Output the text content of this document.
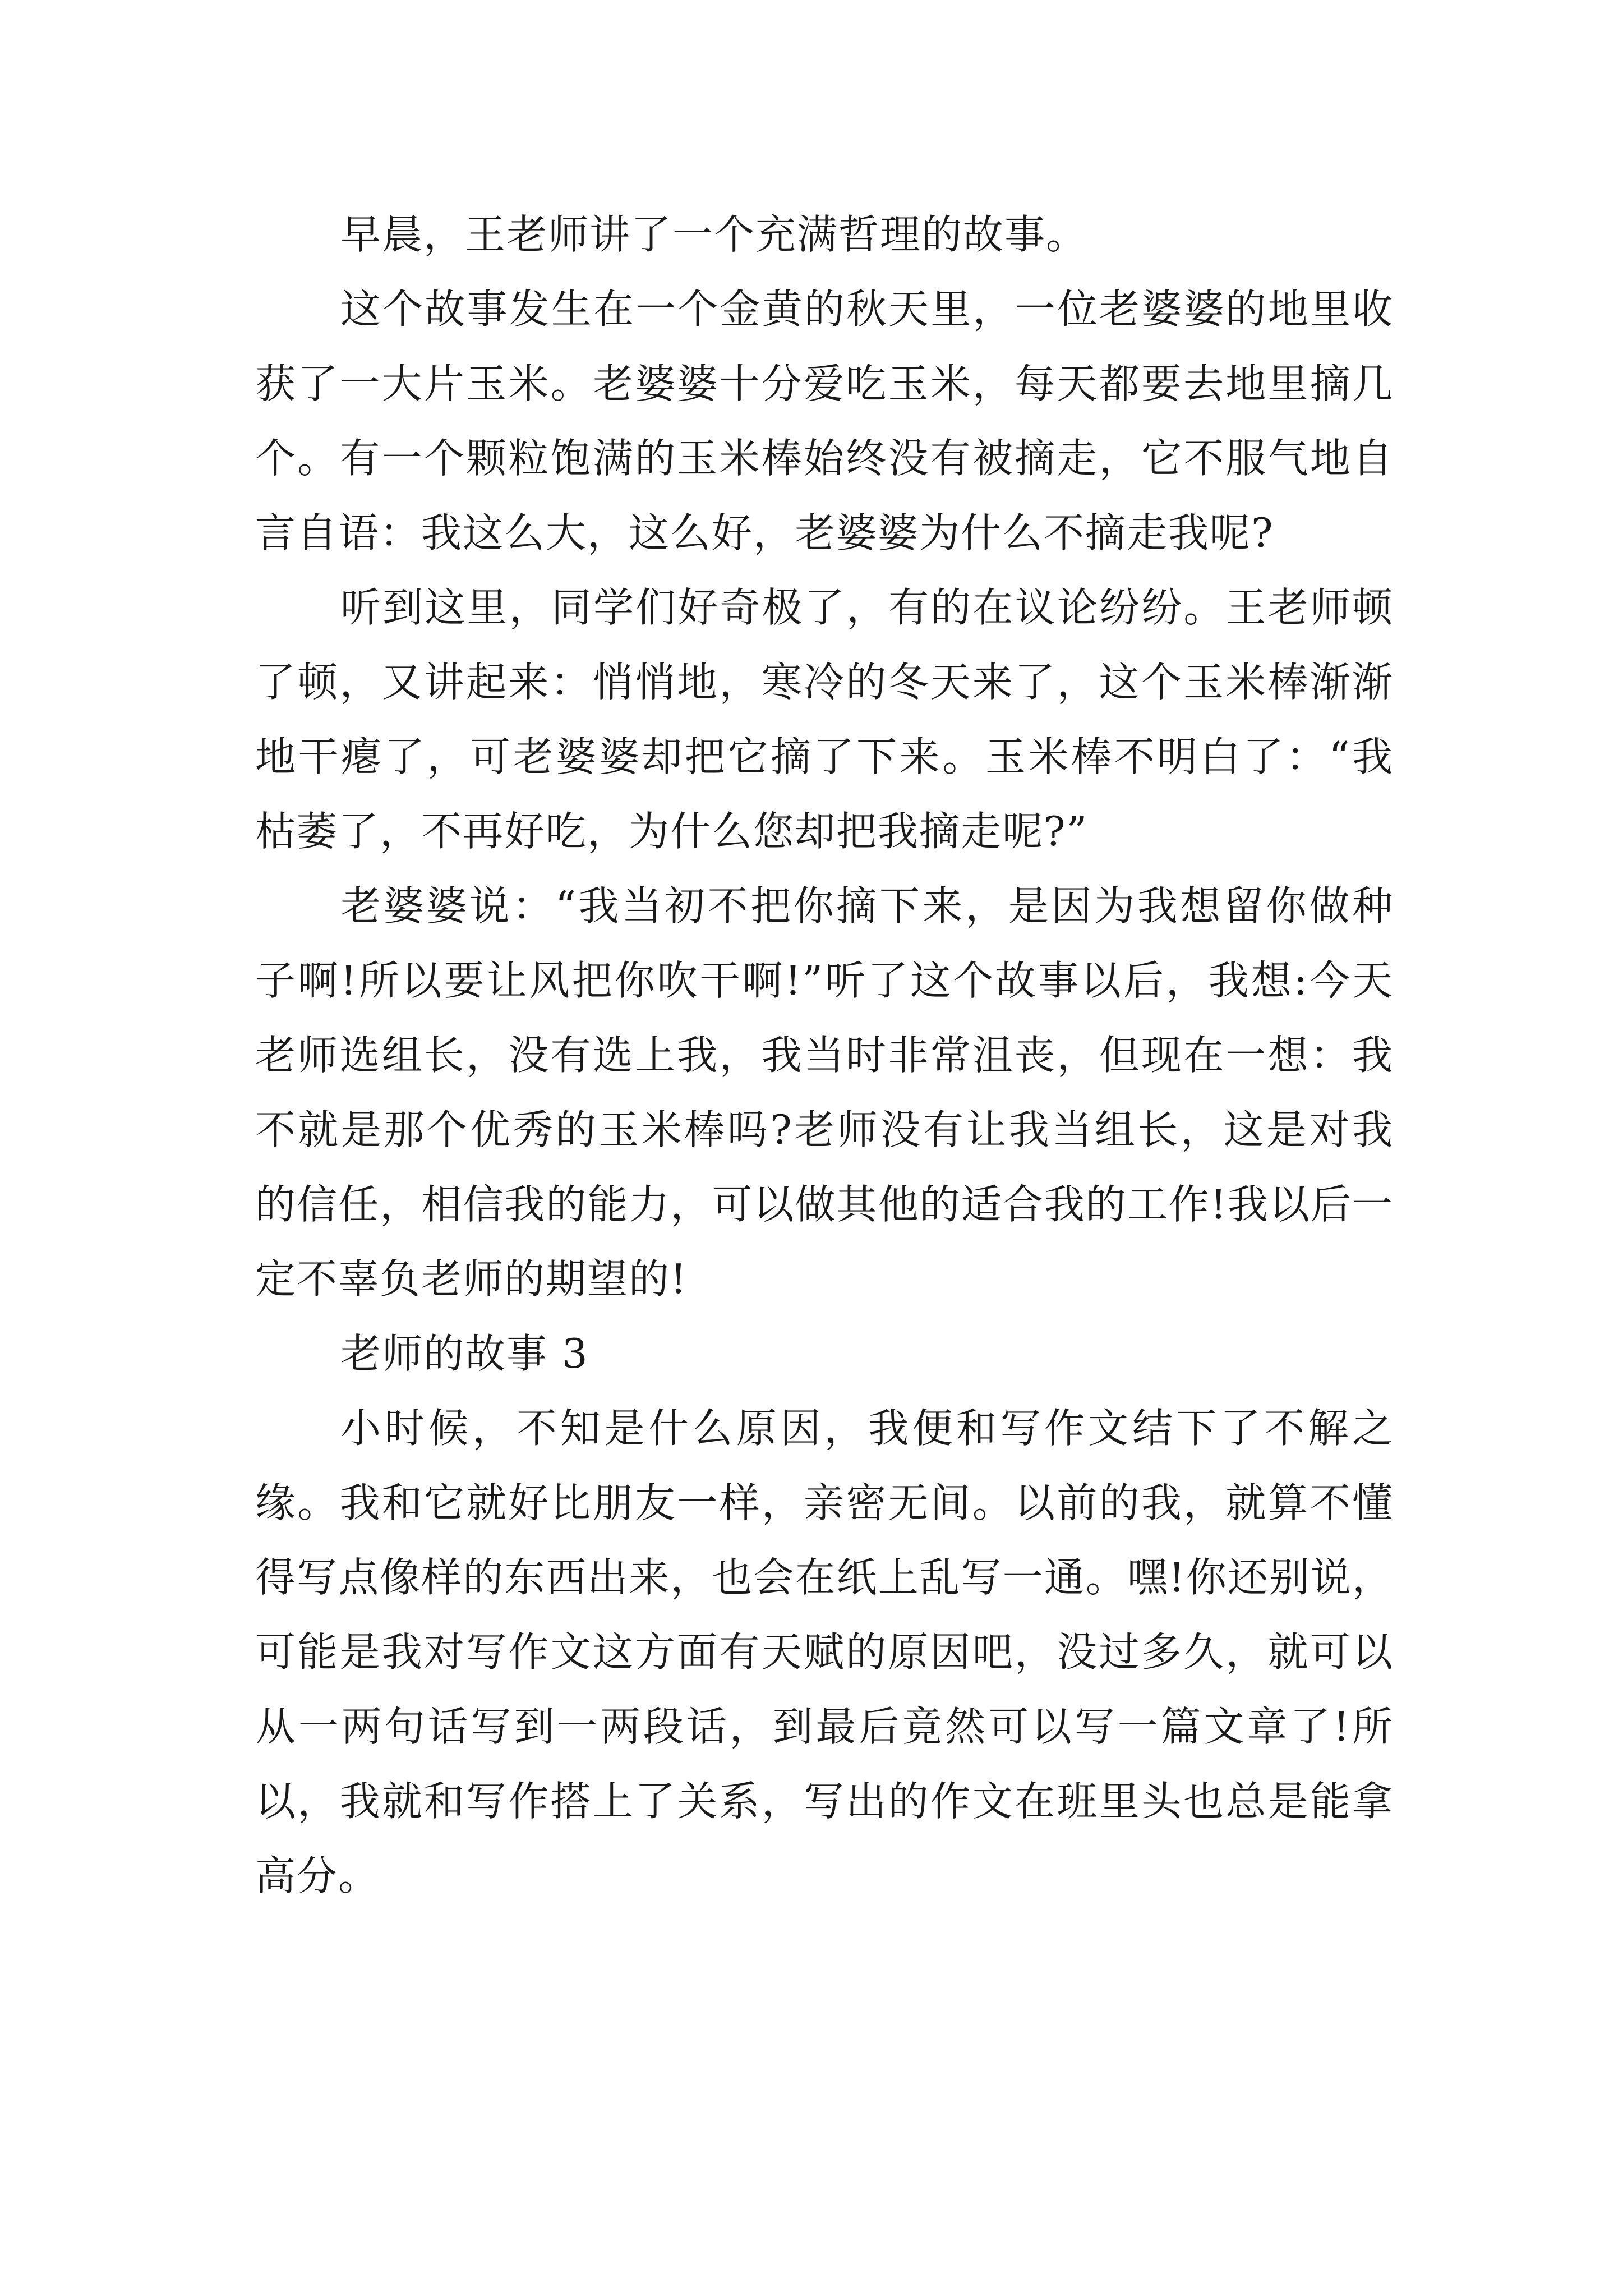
早晨，王老师讲了一个充满哲理的故事。

这个故事发生在一个金黄的秋天里，一位老婆婆的地里收获了一大片玉米。老婆婆十分爱吃玉米，每天都要去地里摘几个。有一个颗粒饱满的玉米棒始终没有被摘走，它不服气地自言自语：我这么大，这么好，老婆婆为什么不摘走我呢?

听到这里，同学们好奇极了，有的在议论纷纷。王老师顿了顿，又讲起来：悄悄地，寒冷的冬天来了，这个玉米棒渐渐地干瘪了，可老婆婆却把它摘了下来。玉米棒不明白了：“我枯萎了，不再好吃，为什么您却把我摘走呢?”

老婆婆说：“我当初不把你摘下来，是因为我想留你做种子啊!所以要让风把你吹干啊!”听了这个故事以后，我想:今天老师选组长，没有选上我，我当时非常沮丧，但现在一想：我不就是那个优秀的玉米棒吗?老师没有让我当组长，这是对我的信任，相信我的能力，可以做其他的适合我的工作!我以后一定不辜负老师的期望的!

老师的故事 3

小时候，不知是什么原因，我便和写作文结下了不解之缘。我和它就好比朋友一样，亲密无间。以前的我，就算不懂得写点像样的东西出来，也会在纸上乱写一通。嘿!你还别说，可能是我对写作文这方面有天赋的原因吧，没过多久，就可以从一两句话写到一两段话，到最后竟然可以写一篇文章了!所以，我就和写作搭上了关系，写出的作文在班里头也总是能拿高分。
